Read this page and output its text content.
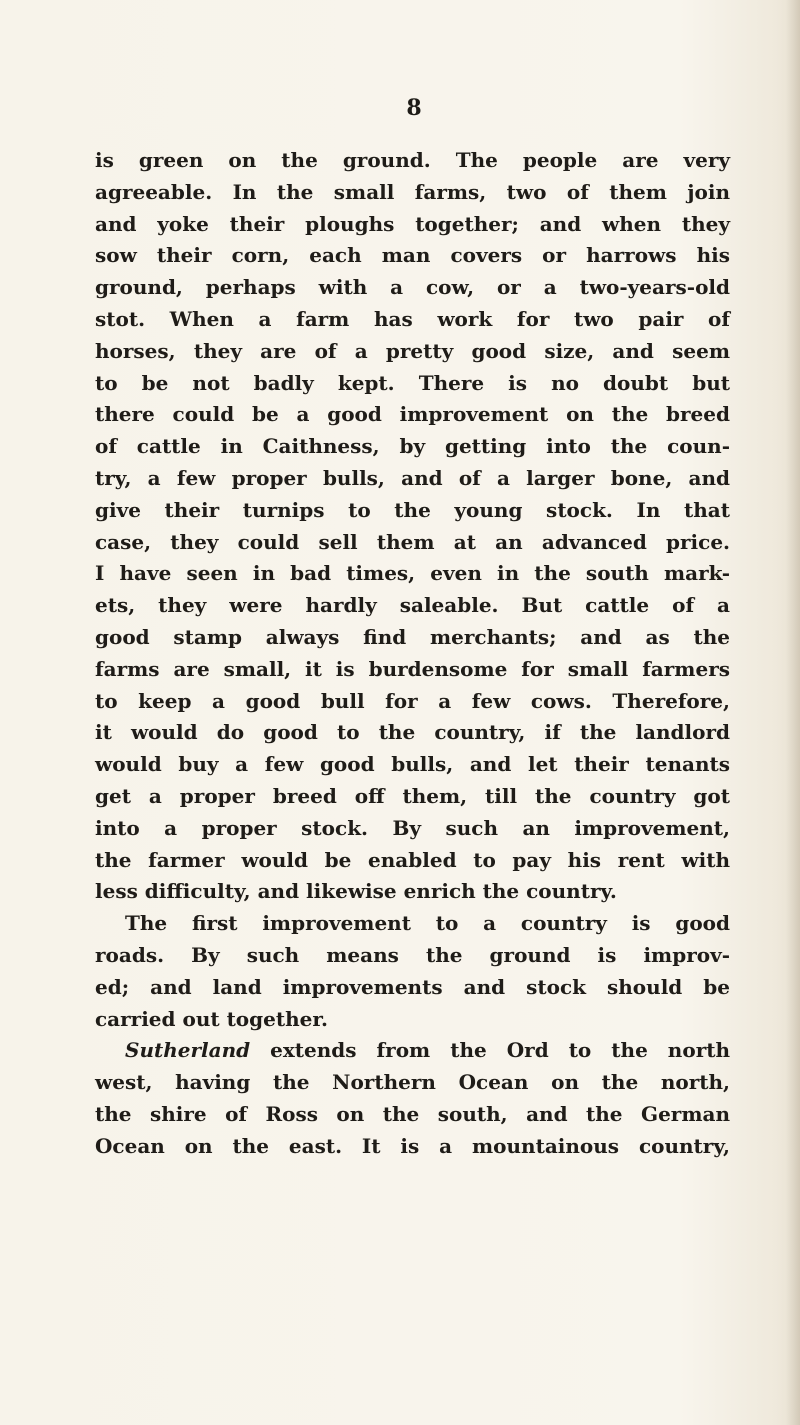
8
is green on the ground. The people are very
agreeable. In the small farms, two of them join
and yoke their ploughs together; and when they
sow their corn, each man covers or harrows his
ground, perhaps with a cow, or a two-years-old
stot. When a farm has work for two pair of
horses, they are of a pretty good size, and seem
to be not badly kept. There is no doubt but
there could be a good improvement on the breed
of cattle in Caithness, by getting into the coun-
try, a few proper bulls, and of a larger bone, and
give their turnips to the young stock. In that
case, they could sell them at an advanced price.
I have seen in bad times, even in the south mark-
ets, they were hardly saleable. But cattle of a
good stamp always find merchants; and as the
farms are small, it is burdensome for small farmers
to keep a good bull for a few cows. Therefore,
it would do good to the country, if the landlord
would buy a few good bulls, and let their tenants
get a proper breed off them, till the country got
into a proper stock. By such an improvement,
the farmer would be enabled to pay his rent with
less difficulty, and likewise enrich the country.
The first improvement to a country is good
roads. By such means the ground is improv-
ed; and land improvements and stock should be
carried out together.
Sutherland extends from the Ord to the north
west, having the Northern Ocean on the north,
the shire of Ross on the south, and the German
Ocean on the east. It is a mountainous country,
